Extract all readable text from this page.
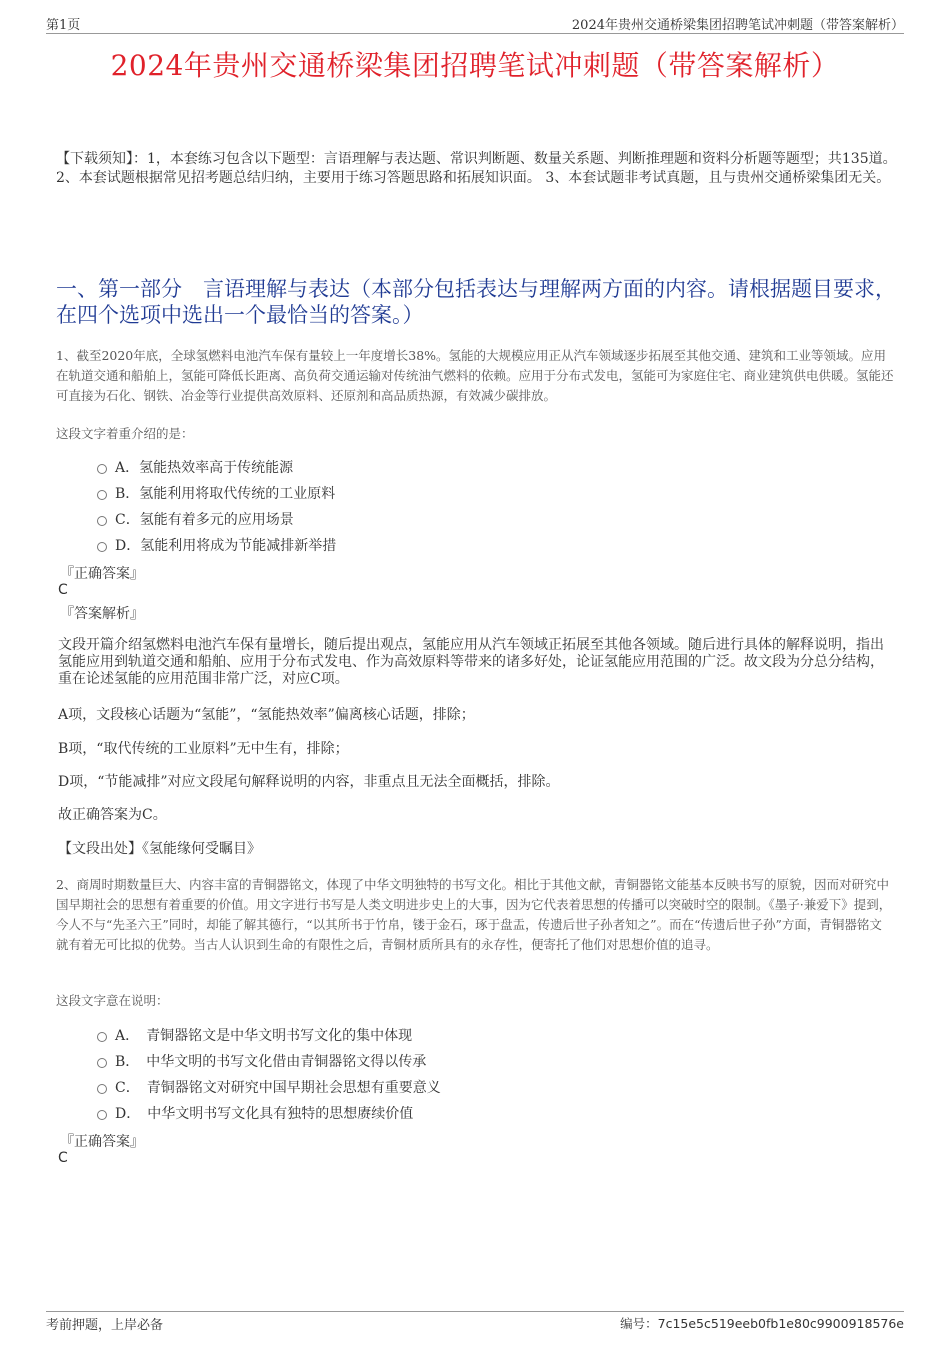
第1页	2024年贵州交通桥梁集团招聘笔试冲刺题（带答案解析）
2024年贵州交通桥梁集团招聘笔试冲刺题（带答案解析）
【下载须知】：1，本套练习包含以下题型：言语理解与表达题、常识判断题、数量关系题、判断推理题和资料分析题等题型；共135道。 2、本套试题根据常见招考题总结归纳，主要用于练习答题思路和拓展知识面。 3、本套试题非考试真题，且与贵州交通桥梁集团无关。
一、第一部分　言语理解与表达（本部分包括表达与理解两方面的内容。请根据题目要求，在四个选项中选出一个最恰当的答案。）
1、截至2020年底，全球氢燃料电池汽车保有量较上一年度增长38%。氢能的大规模应用正从汽车领域逐步拓展至其他交通、建筑和工业等领域。应用在轨道交通和船舶上，氢能可降低长距离、高负荷交通运输对传统油气燃料的依赖。应用于分布式发电，氢能可为家庭住宅、商业建筑供电供暖。氢能还可直接为石化、钢铁、冶金等行业提供高效原料、还原剂和高品质热源，有效减少碳排放。
这段文字着重介绍的是：
A．氢能热效率高于传统能源
B．氢能利用将取代传统的工业原料
C．氢能有着多元的应用场景
D．氢能利用将成为节能减排新举措
『正确答案』
C
『答案解析』
文段开篇介绍氢燃料电池汽车保有量增长，随后提出观点，氢能应用从汽车领域正拓展至其他各领域。随后进行具体的解释说明，指出氢能应用到轨道交通和船舶、应用于分布式发电、作为高效原料等带来的诸多好处，论证氢能应用范围的广泛。故文段为分总分结构，重在论述氢能的应用范围非常广泛，对应C项。
A项，文段核心话题为“氢能”，“氢能热效率”偏离核心话题，排除；
B项，“取代传统的工业原料”无中生有，排除；
D项，“节能减排”对应文段尾句解释说明的内容，非重点且无法全面概括，排除。
故正确答案为C。
【文段出处】《氢能缘何受瞩目》
2、商周时期数量巨大、内容丰富的青铜器铭文，体现了中华文明独特的书写文化。相比于其他文献，青铜器铭文能基本反映书写的原貌，因而对研究中国早期社会的思想有着重要的价值。用文字进行书写是人类文明进步史上的大事，因为它代表着思想的传播可以突破时空的限制。《墨子·兼爱下》提到，今人不与“先圣六王”同时，却能了解其德行，“以其所书于竹帛，镂于金石，琢于盘盂，传遗后世子孙者知之”。而在“传遗后世子孙”方面，青铜器铭文就有着无可比拟的优势。当古人认识到生命的有限性之后，青铜材质所具有的永存性，便寄托了他们对思想价值的追寻。
这段文字意在说明：
A．　青铜器铭文是中华文明书写文化的集中体现
B．　中华文明的书写文化借由青铜器铭文得以传承
C．　青铜器铭文对研究中国早期社会思想有重要意义
D．　中华文明书写文化具有独特的思想赓续价值
『正确答案』
C
考前押题，上岸必备	编号：7c15e5c519eeb0fb1e80c9900918576e
